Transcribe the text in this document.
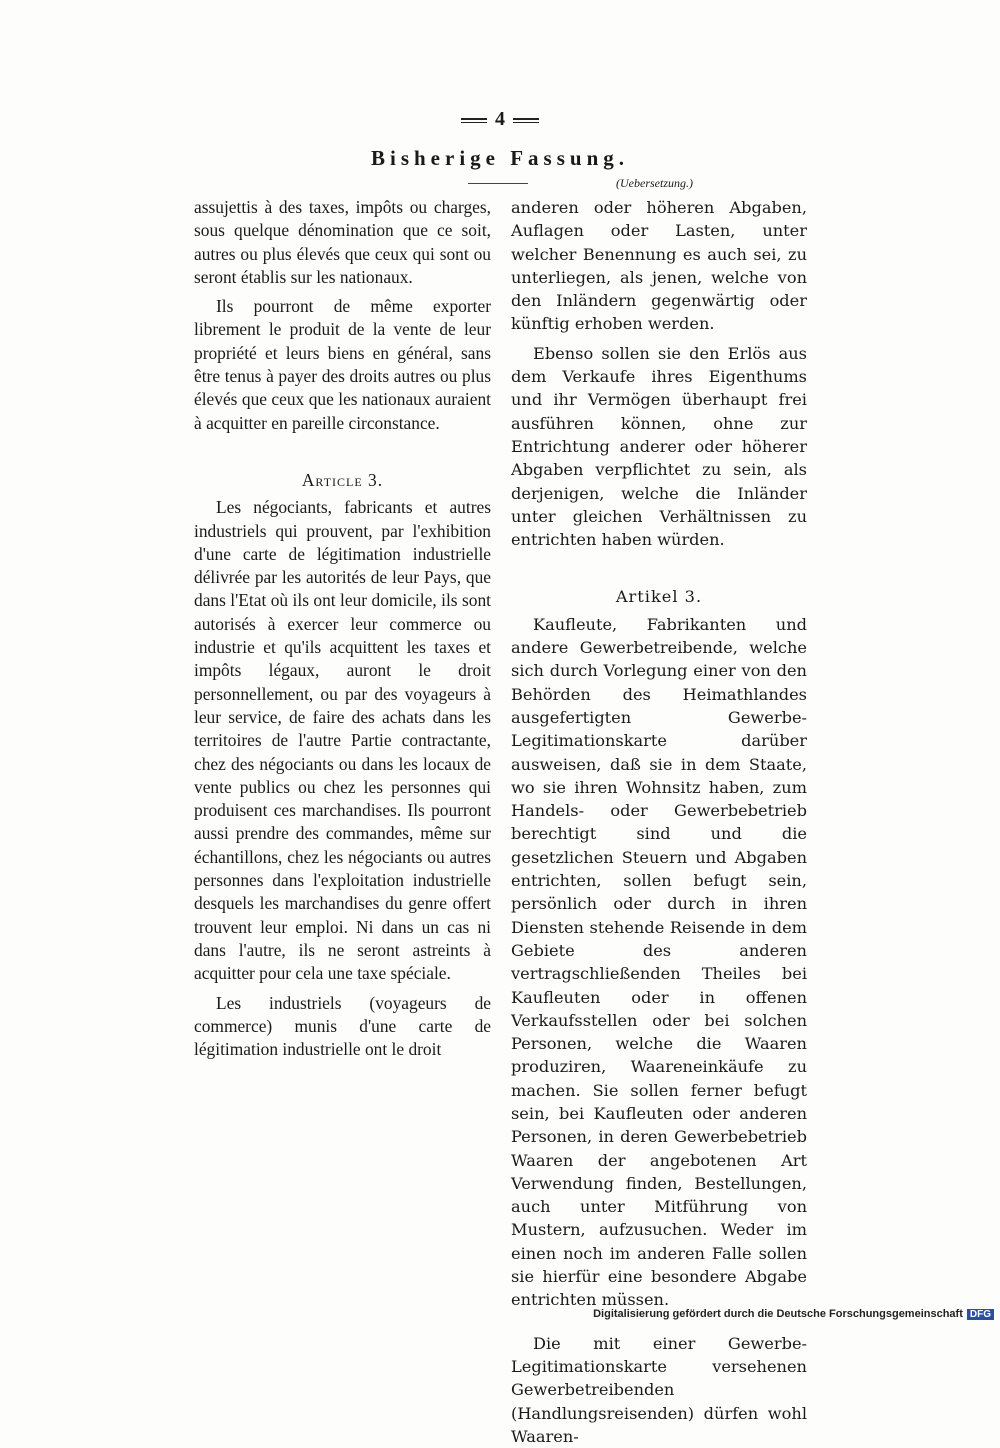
4
Bisherige Fassung.
(Uebersetzung.)

assujettis à des taxes, impôts ou charges, sous quelque dénomination que ce soit, autres ou plus élevés que ceux qui sont ou seront établis sur les nationaux.

Ils pourront de même exporter librement le produit de la vente de leur propriété et leurs biens en général, sans être tenus à payer des droits autres ou plus élevés que ceux que les nationaux auraient à acquitter en pareille circonstance.

Article 3.

Les négociants, fabricants et autres industriels qui prouvent, par l'exhibition d'une carte de légitimation industrielle délivrée par les autorités de leur Pays, que dans l'Etat où ils ont leur domicile, ils sont autorisés à exercer leur commerce ou industrie et qu'ils acquittent les taxes et impôts légaux, auront le droit personnellement, ou par des voyageurs à leur service, de faire des achats dans les territoires de l'autre Partie contractante, chez des négociants ou dans les locaux de vente publics ou chez les personnes qui produisent ces marchandises. Ils pourront aussi prendre des commandes, même sur échantillons, chez les négociants ou autres personnes dans l'exploitation industrielle desquels les marchandises du genre offert trouvent leur emploi. Ni dans un cas ni dans l'autre, ils ne seront astreints à acquitter pour cela une taxe spéciale.

Les industriels (voyageurs de commerce) munis d'une carte de légitimation industrielle ont le droit

anderen oder höheren Abgaben, Auflagen oder Lasten, unter welcher Benennung es auch sei, zu unterliegen, als jenen, welche von den Inländern gegenwärtig oder künftig erhoben werden.

Ebenso sollen sie den Erlös aus dem Verkaufe ihres Eigenthums und ihr Vermögen überhaupt frei ausführen können, ohne zur Entrichtung anderer oder höherer Abgaben verpflichtet zu sein, als derjenigen, welche die Inländer unter gleichen Verhältnissen zu entrichten haben würden.

Artikel 3.

Kaufleute, Fabrikanten und andere Gewerbetreibende, welche sich durch Vorlegung einer von den Behörden des Heimathlandes ausgefertigten Gewerbe-Legitimationskarte darüber ausweisen, daß sie in dem Staate, wo sie ihren Wohnsitz haben, zum Handels- oder Gewerbebetrieb berechtigt sind und die gesetzlichen Steuern und Abgaben entrichten, sollen befugt sein, persönlich oder durch in ihren Diensten stehende Reisende in dem Gebiete des anderen vertragschließenden Theiles bei Kaufleuten oder in offenen Verkaufsstellen oder bei solchen Personen, welche die Waaren produziren, Waareneinkäufe zu machen. Sie sollen ferner befugt sein, bei Kaufleuten oder anderen Personen, in deren Gewerbebetrieb Waaren der angebotenen Art Verwendung finden, Bestellungen, auch unter Mitführung von Mustern, aufzusuchen. Weder im einen noch im anderen Falle sollen sie hierfür eine besondere Abgabe entrichten müssen.

Die mit einer Gewerbe-Legitimationskarte versehenen Gewerbetreibenden (Handlungsreisenden) dürfen wohl Waaren-

Digitalisierung gefördert durch die Deutsche Forschungsgemeinschaft DFG
